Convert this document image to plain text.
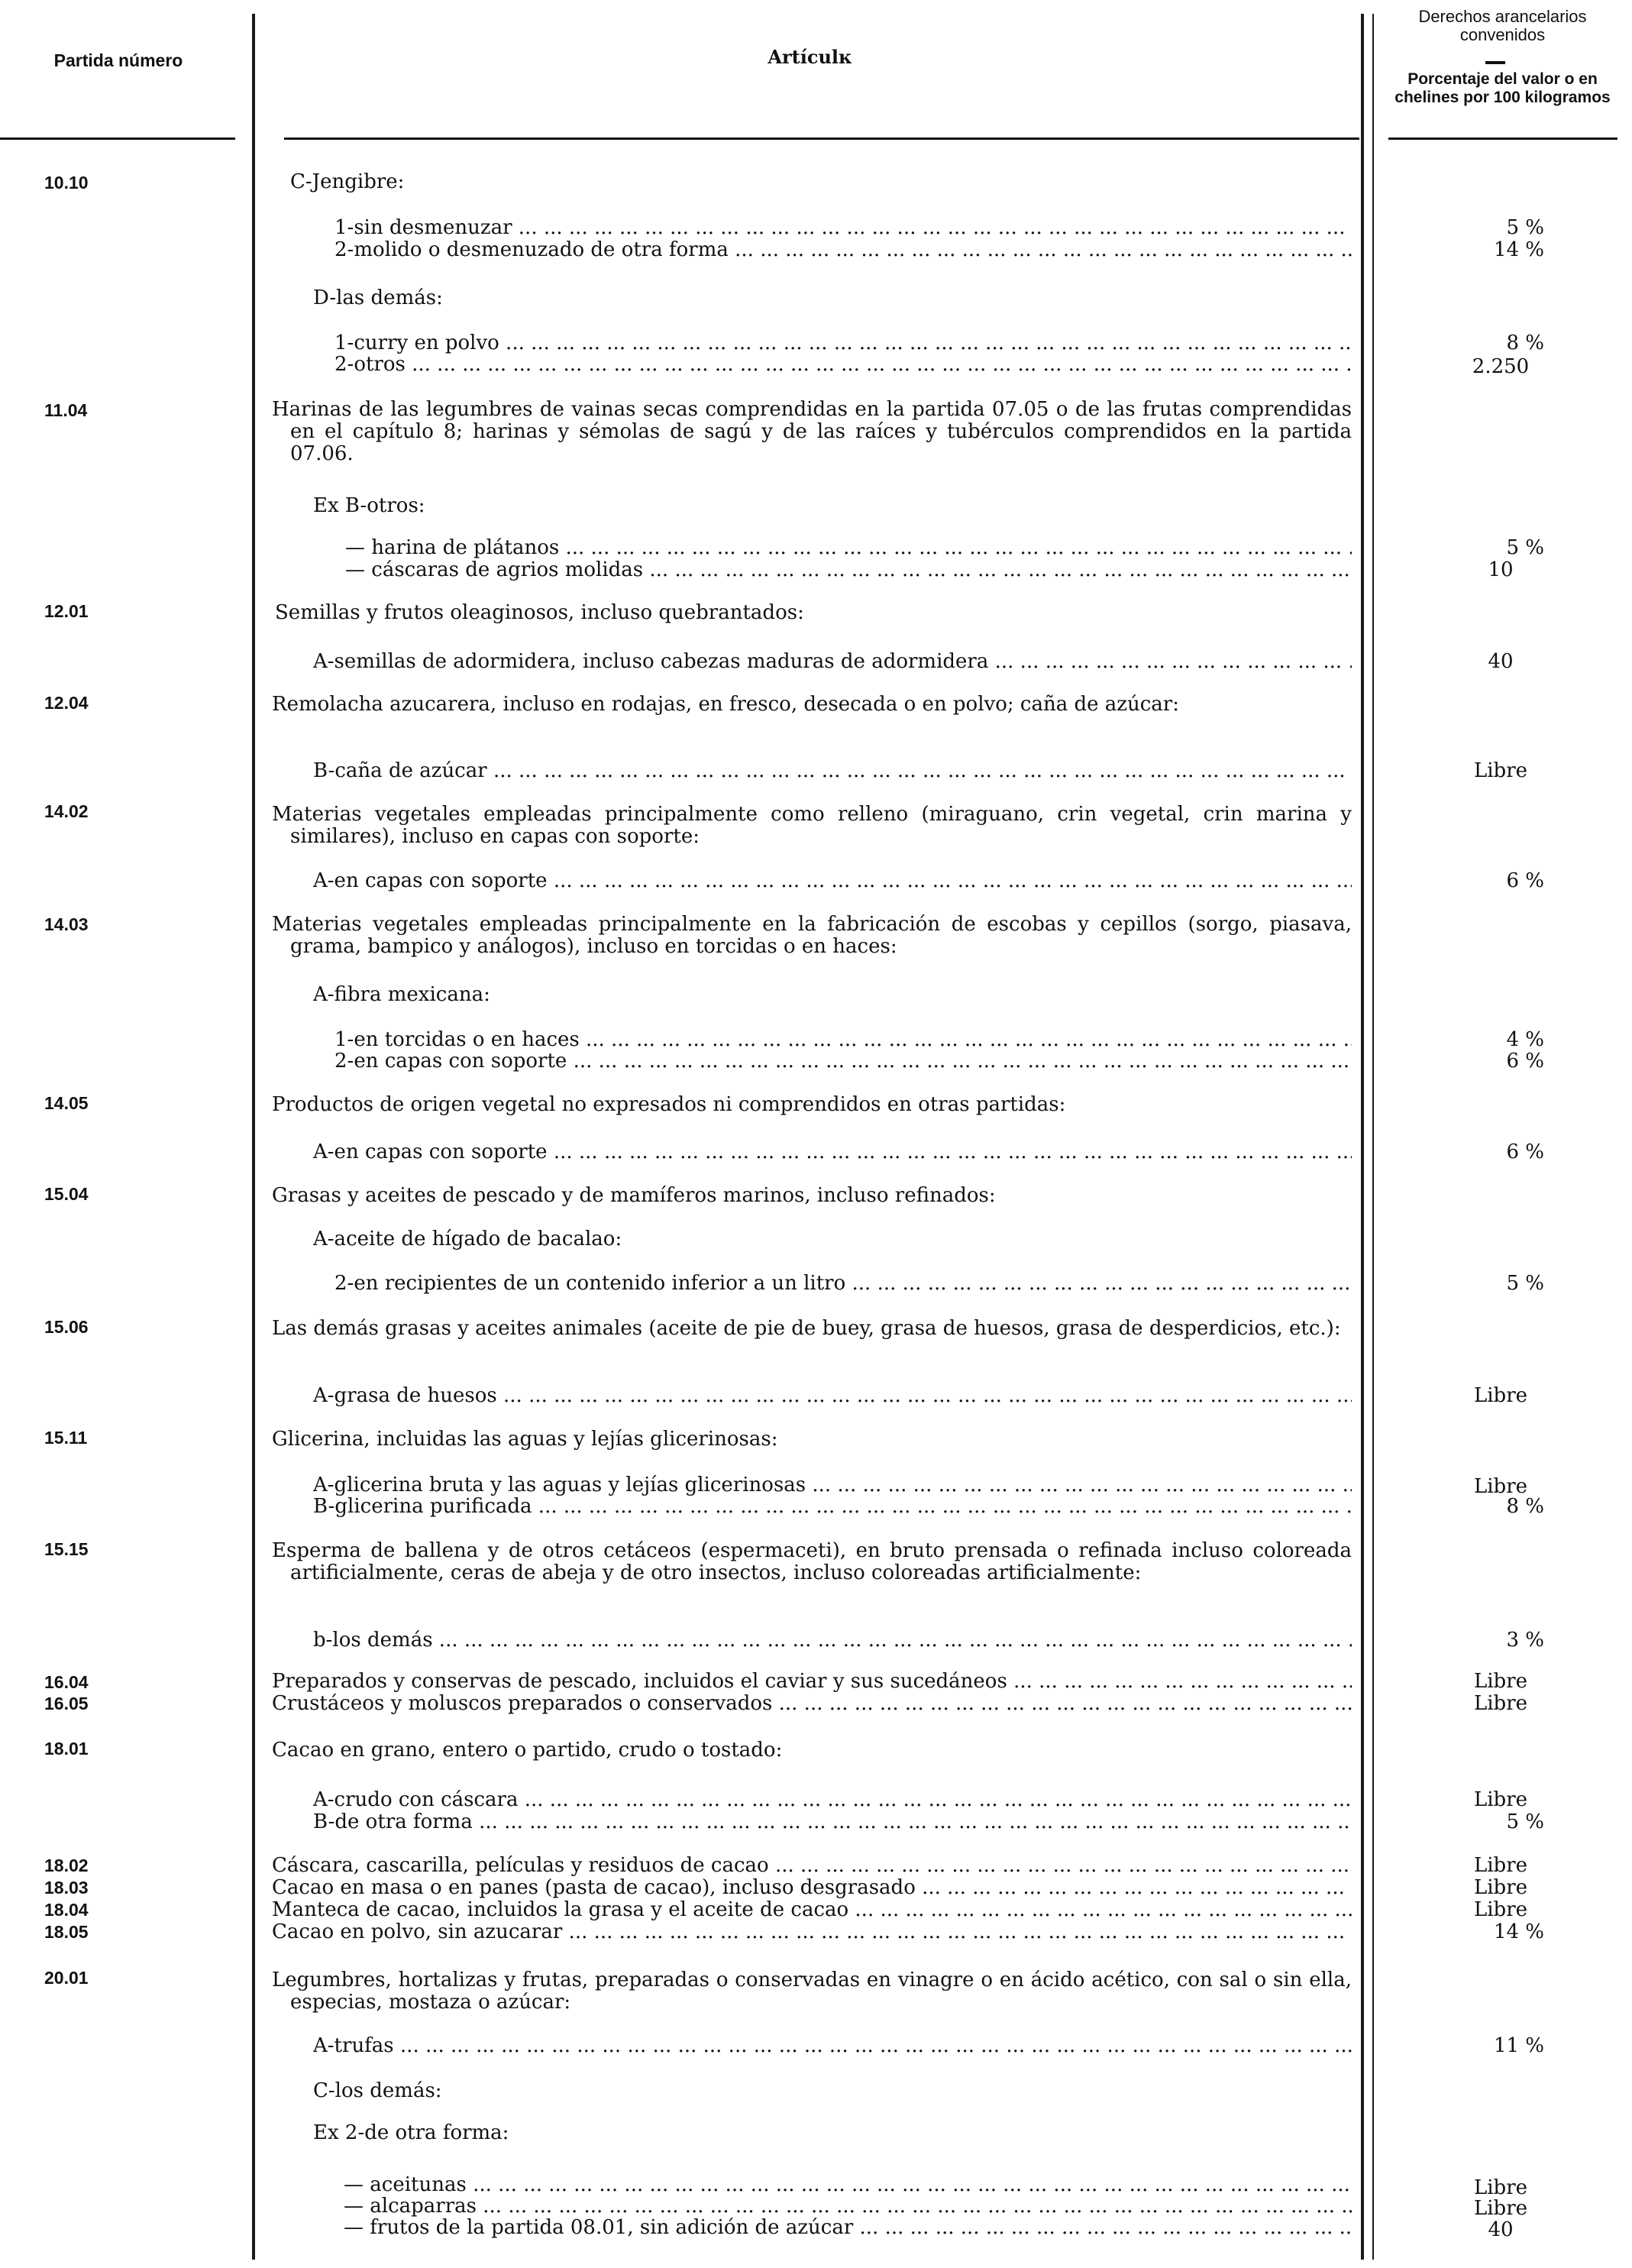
Partida número	Artículĸ
Derechos arancelarios convenidos
Porcentaje del valor o en chelines por 100 kilogramos
10.10	C-Jengibre:
1-sin desmenuzar ... .	5 %
2-molido o desmenuzado de otra forma ... .	14 %
D-las demás:
1-curry en polvo ... .	8 %
2-otros ... .	2.250
11.04	Harinas de las legumbres de vainas secas comprendidas en la partida 07.05 o de las frutas comprendidas en el capítulo 8; harinas y sémolas de sagú y de las raíces y tubérculos comprendidos en la partida 07.06.
Ex B-otros:
— harina de plátanos ... .	5 %
— cáscaras de agrios molidas ... .	10
12.01	Semillas y frutos oleaginosos, incluso quebrantados:
A-semillas de adormidera, incluso cabezas maduras de adormidera ... .	40
12.04	Remolacha azucarera, incluso en rodajas, en fresco, desecada o en polvo; caña de azúcar:
B-caña de azúcar ... .	Libre
14.02	Materias vegetales empleadas principalmente como relleno (miraguano, crin vegetal, crin marina y similares), incluso en capas con soporte:
A-en capas con soporte ... .	6 %
14.03	Materias vegetales empleadas principalmente en la fabricación de escobas y cepillos (sorgo, piasava, grama, bampico y análogos), incluso en torcidas o en haces:
A-fibra mexicana:
1-en torcidas o en haces ... .	4 %
2-en capas con soporte ... .	6 %
14.05	Productos de origen vegetal no expresados ni comprendidos en otras partidas:
A-en capas con soporte ... .	6 %
15.04	Grasas y aceites de pescado y de mamíferos marinos, incluso refinados:
A-aceite de hígado de bacalao:
2-en recipientes de un contenido inferior a un litro ... .	5 %
15.06	Las demás grasas y aceites animales (aceite de pie de buey, grasa de huesos, grasa de desperdicios, etc.):
A-grasa de huesos ... .	Libre
15.11	Glicerina, incluidas las aguas y lejías glicerinosas:
A-glicerina bruta y las aguas y lejías glicerinosas ... .	Libre
B-glicerina purificada ... .	8 %
15.15	Esperma de ballena y de otros cetáceos (espermaceti), en bruto prensada o refinada incluso coloreada artificialmente, ceras de abeja y de otro insectos, incluso coloreadas artificialmente:
b-los demás ... .	3 %
16.04	Preparados y conservas de pescado, incluidos el caviar y sus sucedáneos ... .	Libre
16.05	Crustáceos y moluscos preparados o conservados ... .	Libre
18.01	Cacao en grano, entero o partido, crudo o tostado:
A-crudo con cáscara ... .	Libre
B-de otra forma ... .	5 %
18.02	Cáscara, cascarilla, películas y residuos de cacao ... .	Libre
18.03	Cacao en masa o en panes (pasta de cacao), incluso desgrasado ... .	Libre
18.04	Manteca de cacao, incluidos la grasa y el aceite de cacao ... .	Libre
18.05	Cacao en polvo, sin azucarar ... .	14 %
20.01	Legumbres, hortalizas y frutas, preparadas o conservadas en vinagre o en ácido acético, con sal o sin ella, especias, mostaza o azúcar:
A-trufas ... .	11 %
C-los demás:
Ex 2-de otra forma:
— aceitunas ... .	Libre
— alcaparras ... .	Libre
— frutos de la partida 08.01, sin adición de azúcar ... .	40
